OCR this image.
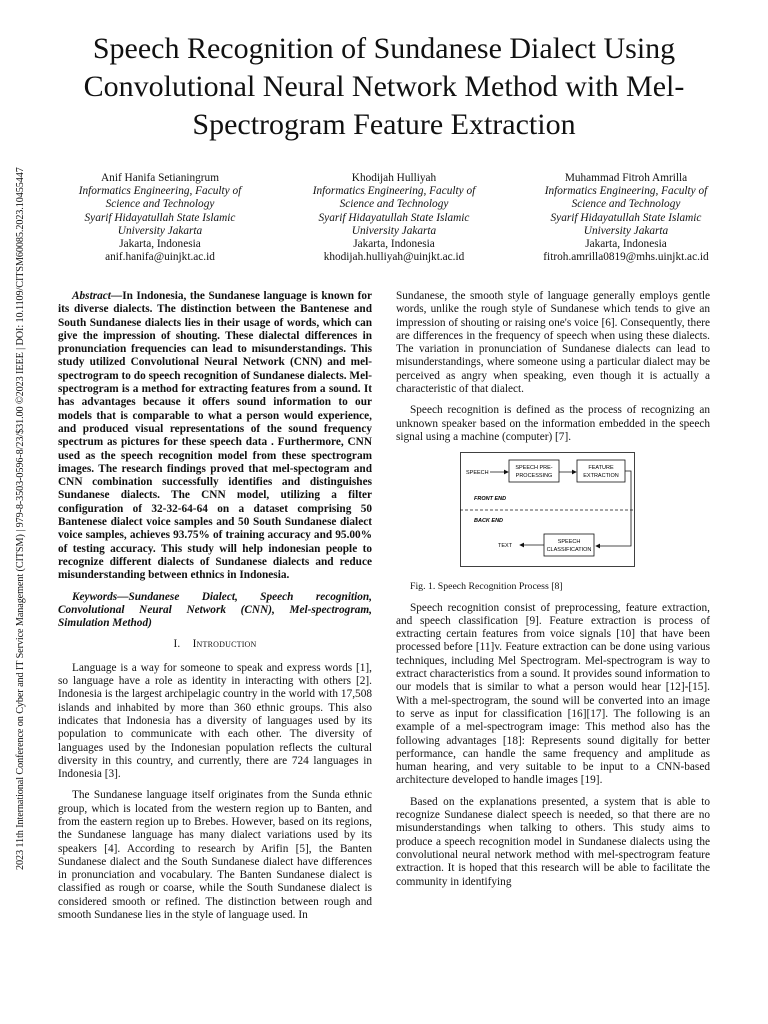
Speech Recognition of Sundanese Dialect Using Convolutional Neural Network Method with Mel-Spectrogram Feature Extraction
2023 11th International Conference on Cyber and IT Service Management (CITSM) | 979-8-3503-0596-8/23/$31.00 ©2023 IEEE | DOI: 10.1109/CITSM60085.2023.10455447	Anif Hanifa Setianingrum
Informatics Engineering, Faculty of
Science and Technology
Syarif Hidayatullah State Islamic
University Jakarta
Jakarta, Indonesia
anif.hanifa@uinjkt.ac.id
Khodijah Hulliyah
Informatics Engineering, Faculty of
Science and Technology
Syarif Hidayatullah State Islamic
University Jakarta
Jakarta, Indonesia
khodijah.hulliyah@uinjkt.ac.id
Muhammad Fitroh Amrilla
Informatics Engineering, Faculty of
Science and Technology
Syarif Hidayatullah State Islamic
University Jakarta
Jakarta, Indonesia
fitroh.amrilla0819@mhs.uinjkt.ac.id

Abstract—In Indonesia, the Sundanese language is known for its diverse dialects. The distinction between the Bantenese and South Sundanese dialects lies in their usage of words, which can give the impression of shouting. These dialectal differences in pronunciation frequencies can lead to misunderstandings. This study utilized Convolutional Neural Network (CNN) and mel-spectrogram to do speech recognition of Sundanese dialects. Mel-spectrogram is a method for extracting features from a sound. It has advantages because it offers sound information to our models that is comparable to what a person would experience, and produced visual representations of the sound frequency spectrum as pictures for these speech data . Furthermore, CNN used as the speech recognition model from these spectrogram images. The research findings proved that mel-spectogram and CNN combination successfully identifies and distinguishes Sundanese dialects. The CNN model, utilizing a filter configuration of 32-32-64-64 on a dataset comprising 50 Bantenese dialect voice samples and 50 South Sundanese dialect voice samples, achieves 93.75% of training accuracy and 95.00% of testing accuracy. This study will help indonesian people to recognize different dialects of Sundanese dialects and reduce misunderstanding between ethnics in Indonesia.

Keywords—Sundanese Dialect, Speech recognition, Convolutional Neural Network (CNN), Mel-spectrogram, Simulation Method)

I. Introduction

Language is a way for someone to speak and express words [1], so language have a role as identity in interacting with others [2]. Indonesia is the largest archipelagic country in the world with 17,508 islands and inhabited by more than 360 ethnic groups. This also indicates that Indonesia has a diversity of languages used by its population to communicate with each other. The diversity of languages used by the Indonesian population reflects the cultural diversity in this country, and currently, there are 724 languages in Indonesia [3].

The Sundanese language itself originates from the Sunda ethnic group, which is located from the western region up to Banten, and from the eastern region up to Brebes. However, based on its regions, the Sundanese language has many dialect variations used by its speakers [4]. According to research by Arifin [5], the Banten Sundanese dialect and the South Sundanese dialect have differences in pronunciation and vocabulary. The Banten Sundanese dialect is classified as rough or coarse, while the South Sundanese dialect is considered smooth or refined. The distinction between rough and smooth Sundanese lies in the style of language used. In

Sundanese, the smooth style of language generally employs gentle words, unlike the rough style of Sundanese which tends to give an impression of shouting or raising one's voice [6]. Consequently, there are differences in the frequency of speech when using these dialects. The variation in pronunciation of Sundanese dialects can lead to misunderstandings, where someone using a particular dialect may be perceived as angry when speaking, even though it is actually a characteristic of that dialect.

Speech recognition is defined as the process of recognizing an unknown speaker based on the information embedded in the speech signal using a machine (computer) [7].

SPEECH
SPEECH PRE-
PROCESSING
FEATURE
EXTRACTION
FRONT END
BACK END
SPEECH
CLASSIFICATION
TEXT

Fig. 1. Speech Recognition Process [8]

Speech recognition consist of preprocessing, feature extraction, and speech classification [9]. Feature extraction is process of extracting certain features from voice signals [10] that have been processed before [11]v. Feature extraction can be done using various techniques, including Mel Spectrogram. Mel-spectrogram is way to extract characteristics from a sound. It provides sound information to our models that is similar to what a person would hear [12]-[15]. With a mel-spectrogram, the sound will be converted into an image to serve as input for classification [16][17]. The following is an example of a mel-spectrogram image: This method also has the following advantages [18]: Represents sound digitally for better performance, can handle the same frequency and amplitude as human hearing, and very suitable to be input to a CNN-based architecture developed to handle images [19].

Based on the explanations presented, a system that is able to recognize Sundanese dialect speech is needed, so that there are no misunderstandings when talking to others. This study aims to produce a speech recognition model in Sundanese dialects using the convolutional neural network method with mel-spectrogram feature extraction. It is hoped that this research will be able to facilitate the community in identifying
